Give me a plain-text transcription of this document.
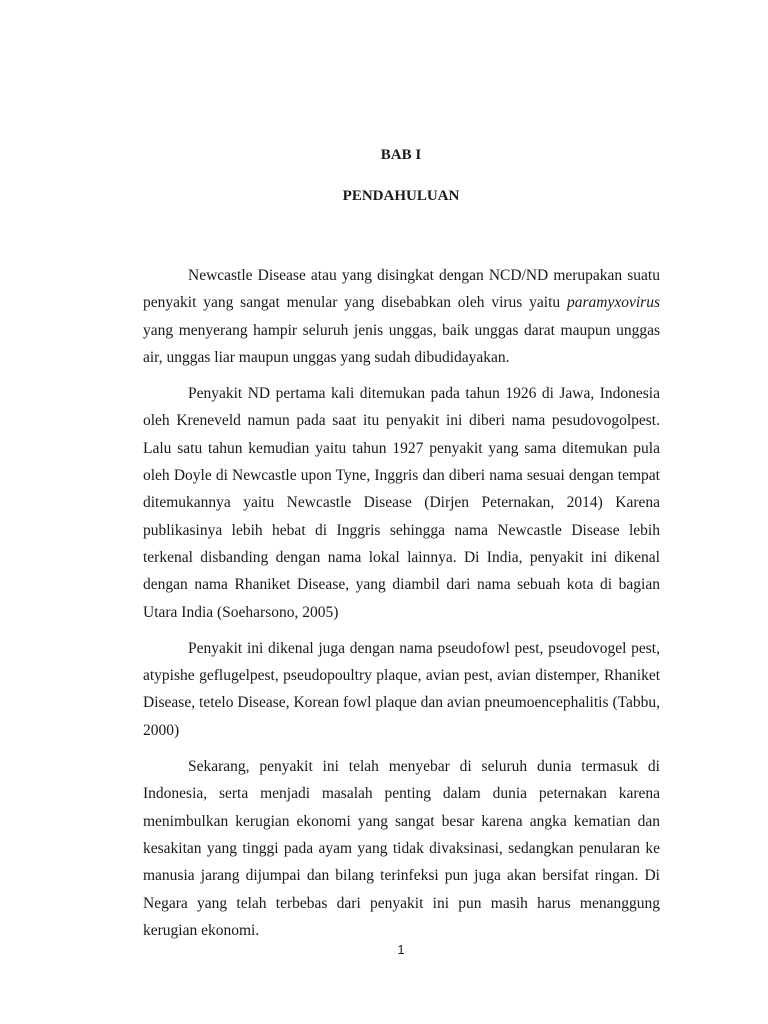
BAB I
PENDAHULUAN

Newcastle Disease atau yang disingkat dengan NCD/ND merupakan suatu penyakit yang sangat menular yang disebabkan oleh virus yaitu paramyxovirus yang menyerang hampir seluruh jenis unggas, baik unggas darat maupun unggas air, unggas liar maupun unggas yang sudah dibudidayakan.

Penyakit ND pertama kali ditemukan pada tahun 1926 di Jawa, Indonesia oleh Kreneveld namun pada saat itu penyakit ini diberi nama pesudovogolpest. Lalu satu tahun kemudian yaitu tahun 1927 penyakit yang sama ditemukan pula oleh Doyle di Newcastle upon Tyne, Inggris dan diberi nama sesuai dengan tempat ditemukannya yaitu Newcastle Disease (Dirjen Peternakan, 2014) Karena publikasinya lebih hebat di Inggris sehingga nama Newcastle Disease lebih terkenal disbanding dengan nama lokal lainnya. Di India, penyakit ini dikenal dengan nama Rhaniket Disease, yang diambil dari nama sebuah kota di bagian Utara India (Soeharsono, 2005)

Penyakit ini dikenal juga dengan nama pseudofowl pest, pseudovogel pest, atypishe geflugelpest, pseudopoultry plaque, avian pest, avian distemper, Rhaniket Disease, tetelo Disease, Korean fowl plaque dan avian pneumoencephalitis (Tabbu, 2000)

Sekarang, penyakit ini telah menyebar di seluruh dunia termasuk di Indonesia, serta menjadi masalah penting dalam dunia peternakan karena menimbulkan kerugian ekonomi yang sangat besar karena angka kematian dan kesakitan yang tinggi pada ayam yang tidak divaksinasi, sedangkan penularan ke manusia jarang dijumpai dan bilang terinfeksi pun juga akan bersifat ringan. Di Negara yang telah terbebas dari penyakit ini pun masih harus menanggung kerugian ekonomi.

1
